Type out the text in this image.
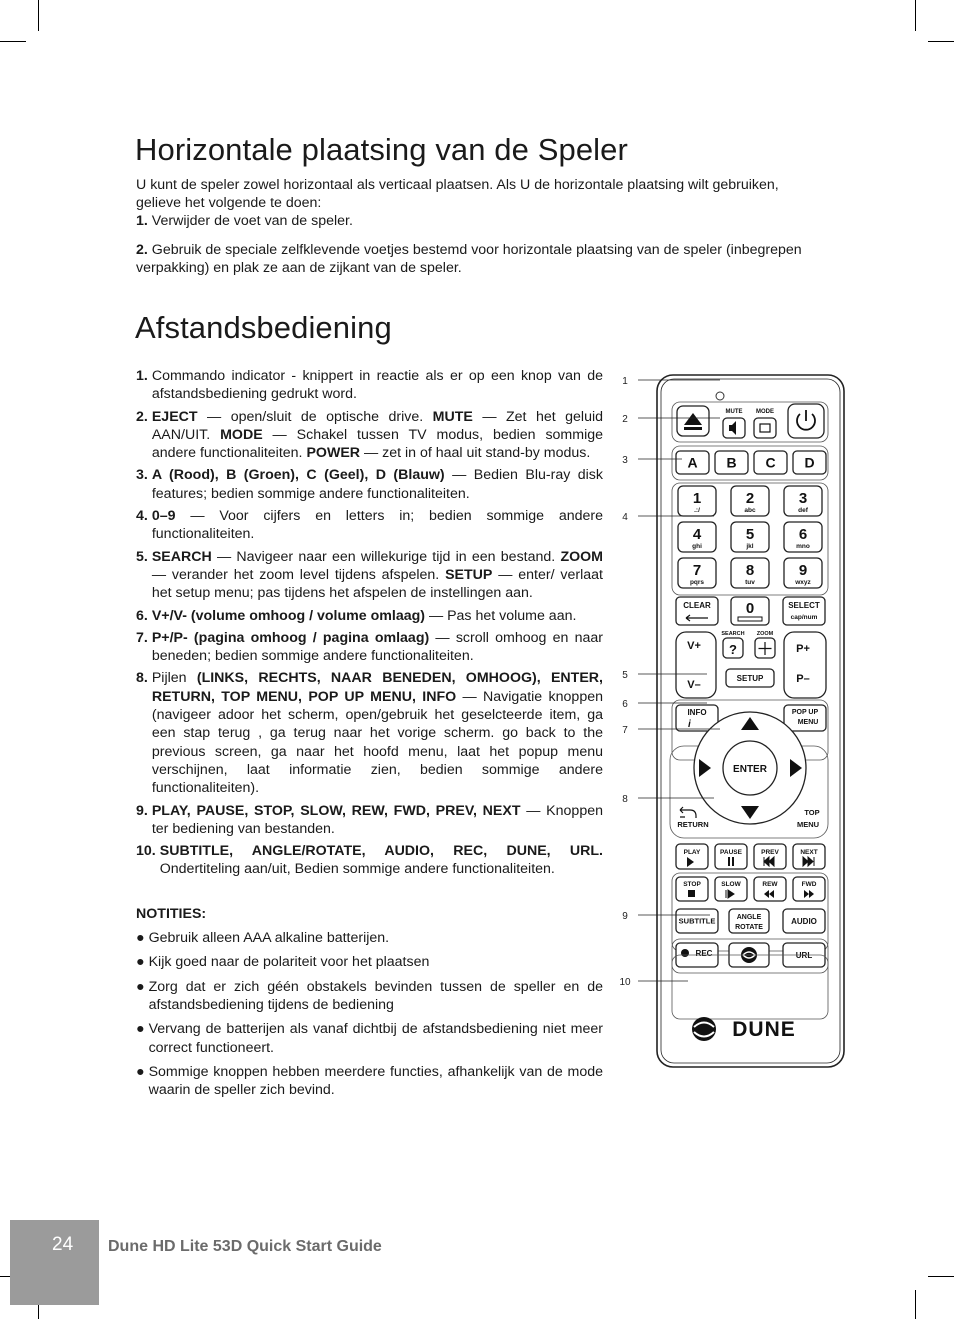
Horizontale plaatsing van de Speler

U kunt de speler zowel horizontaal als verticaal plaatsen. Als U de horizontale plaatsing wilt gebruiken,
gelieve het volgende te doen:
1. Verwijder de voet van de speler.

2. Gebruik de speciale zelfklevende voetjes bestemd voor horizontale plaatsing van de speler (inbegrepen
verpakking) en plak ze aan de zijkant van de speler.

Afstandsbediening
1. Commando indicator - knippert in reactie als er op een knop van de afstandsbediening gedrukt word.
2. EJECT — open/sluit de optische drive. MUTE — Zet het geluid AAN/UIT. MODE — Schakel tussen TV modus, bedien sommige andere functionaliteiten. POWER — zet in of haal uit stand-by modus.
3. A (Rood), B (Groen), C (Geel), D (Blauw) — Bedien Blu-ray disk features; bedien sommige andere functionaliteiten.
4. 0–9 — Voor cijfers en letters in; bedien sommige andere functionaliteiten.
5. SEARCH — Navigeer naar een willekurige tijd in een bestand. ZOOM — verander het zoom level tijdens afspelen. SETUP — enter/ verlaat het setup menu; pas tijdens het afspelen de instellingen aan.
6. V+/V- (volume omhoog / volume omlaag) — Pas het volume aan.
7. P+/P- (pagina omhoog / pagina omlaag) — scroll omhoog en naar beneden; bedien sommige andere functionaliteiten.
8. Pijlen (LINKS, RECHTS, NAAR BENEDEN, OMHOOG), ENTER, RETURN, TOP MENU, POP UP MENU, INFO — Navigatie knoppen (navigeer adoor het scherm, open/gebruik het geselcteerde item, ga een stap terug , ga terug naar het vorige scherm. go back to the previous screen, ga naar het hoofd menu, laat het popup menu verschijnen, laat informatie zien, bedien sommige andere functionaliteiten).
9. PLAY, PAUSE, STOP, SLOW, REW, FWD, PREV, NEXT — Knoppen ter bediening van bestanden.
10. SUBTITLE, ANGLE/ROTATE, AUDIO, REC, DUNE, URL. Ondertiteling aan/uit, Bedien sommige andere functionaliteiten.
NOTITIES:
● Gebruik alleen AAA alkaline batterijen.
● Kijk goed naar de polariteit voor het plaatsen
● Zorg dat er zich géén obstakels bevinden tussen de speller en de afstandsbediening tijdens de bediening
● Vervang de batterijen als vanaf dichtbij de afstandsbediening niet meer correct functioneert.
● Sommige knoppen hebben meerdere functies, afhankelijk van de mode waarin de speller zich bevind.
MUTE MODE
A B C D
1
.:/
2
abc
3
def
4
ghi
5
jkl
6
mno
7
pqrs
8
tuv
9
wxyz
CLEAR 0	SELECT
cap/num
SEARCH
?
ZOOM
V+
V–
P+
P–
SETUP
INFO
i
POP UP
MENU
ENTER
RETURN
TOP
MENU
PLAY	PAUSE	PREV	NEXT
STOP	SLOW	REW	FWD
SUBTITLE	ANGLE
ROTATE
AUDIO
REC	URL
DUNE
1
2
3
4
5
6
7
8
9
10
24 Dune HD Lite 53D Quick Start Guide
